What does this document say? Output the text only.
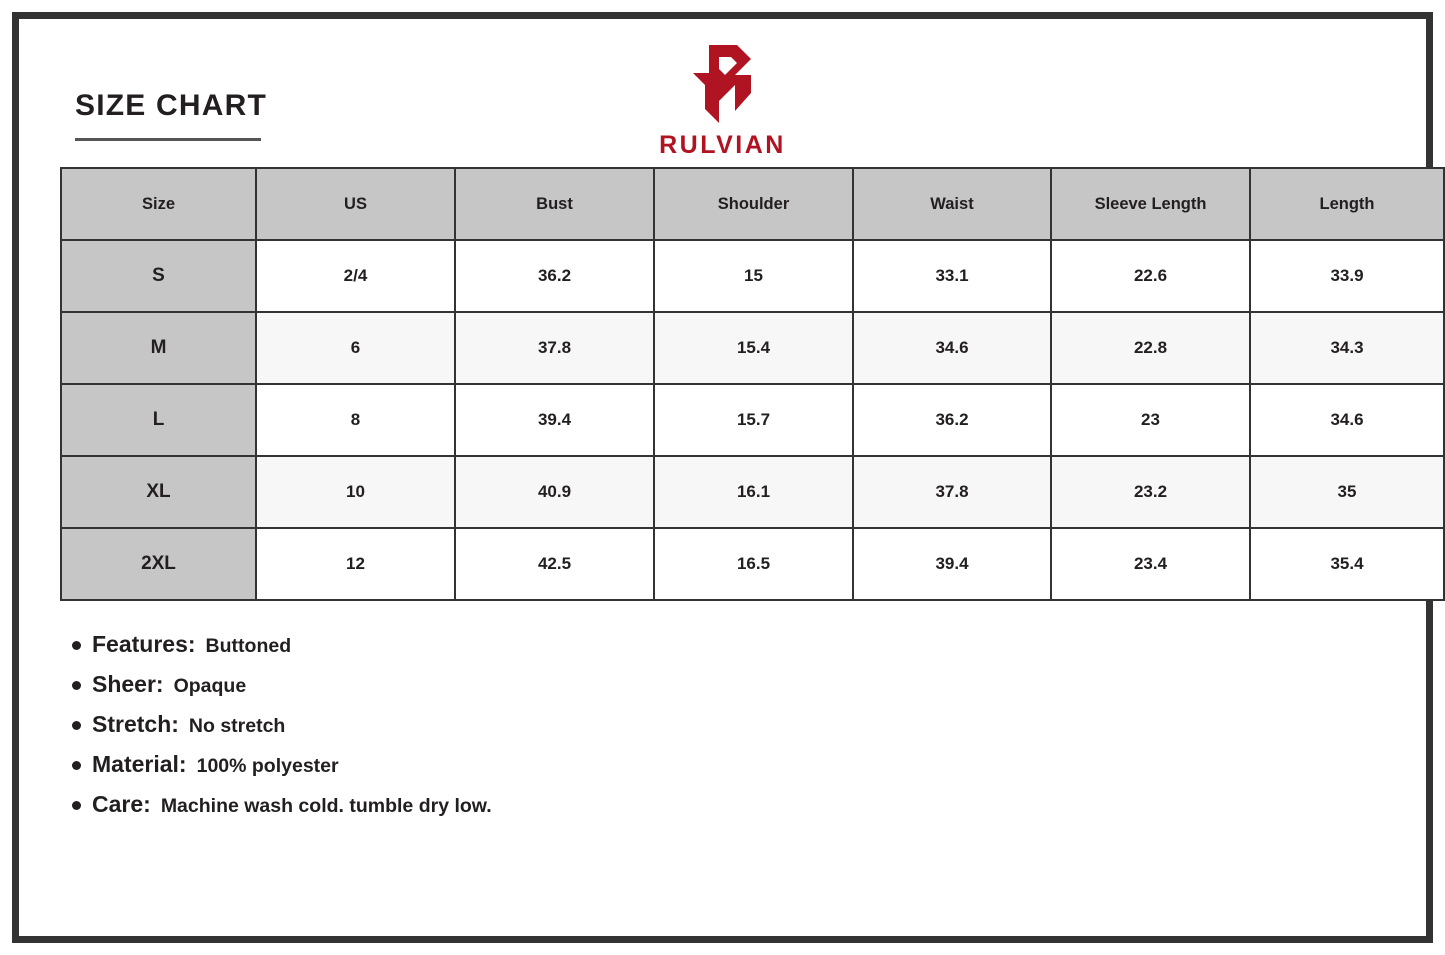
SIZE CHART
RULVIAN
Size	US	Bust	Shoulder	Waist	Sleeve Length	Length
S	2/4	36.2	15	33.1	22.6	33.9
M	6	37.8	15.4	34.6	22.8	34.3
L	8	39.4	15.7	36.2	23	34.6
XL	10	40.9	16.1	37.8	23.2	35
2XL	12	42.5	16.5	39.4	23.4	35.4
Features: Buttoned
Sheer: Opaque
Stretch: No stretch
Material: 100% polyester
Care: Machine wash cold. tumble dry low.
